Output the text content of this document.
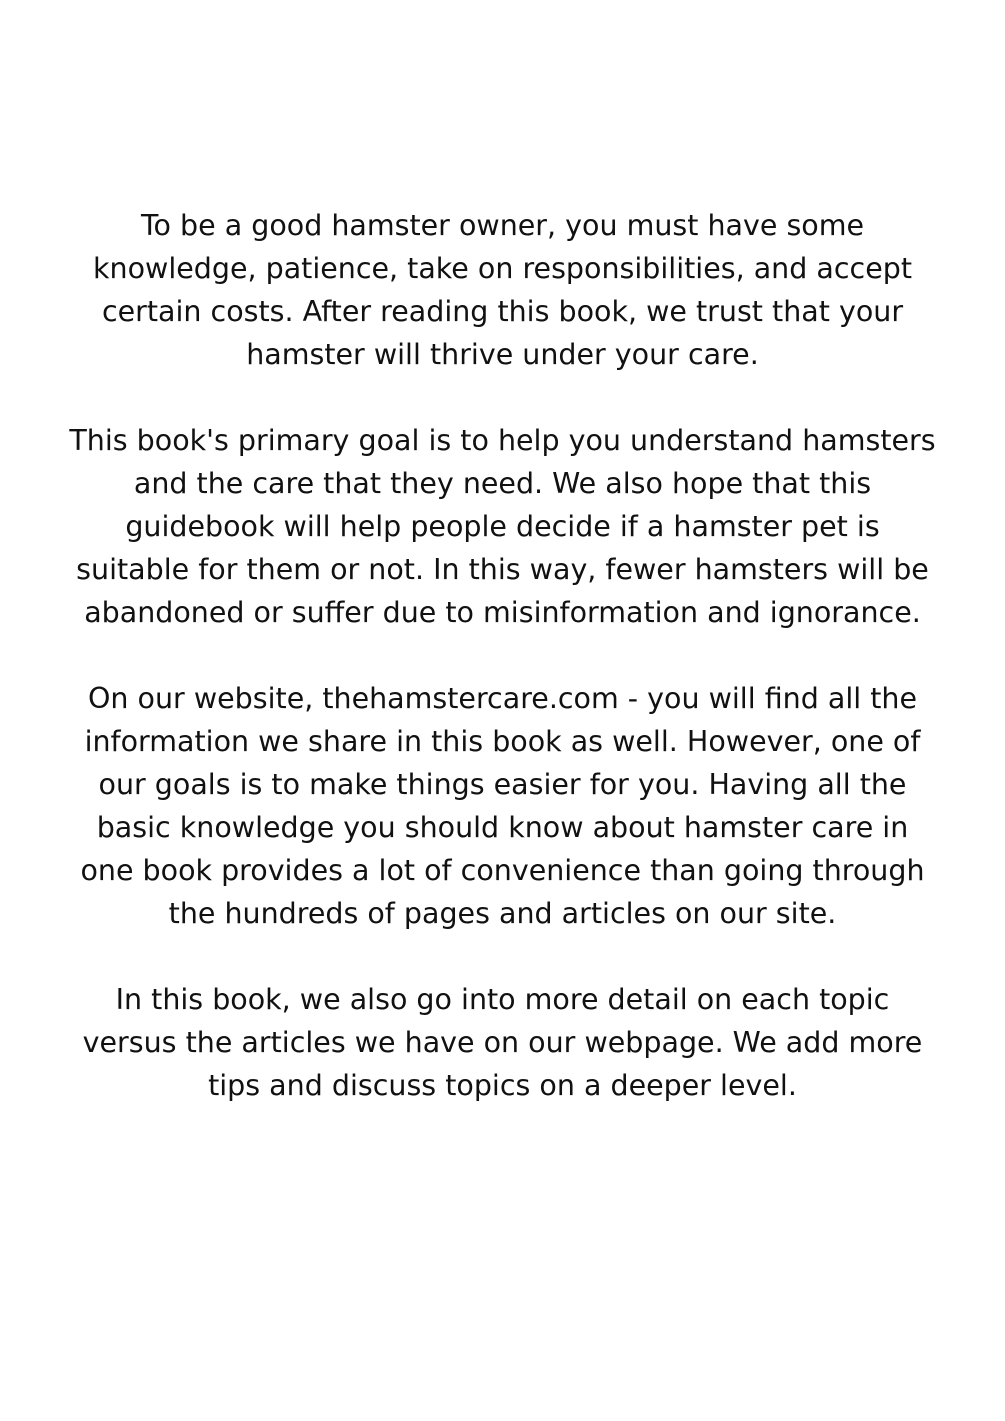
To be a good hamster owner, you must have some
knowledge, patience, take on responsibilities, and accept
certain costs. After reading this book, we trust that your
hamster will thrive under your care.

This book's primary goal is to help you understand hamsters
and the care that they need. We also hope that this
guidebook will help people decide if a hamster pet is
suitable for them or not. In this way, fewer hamsters will be
abandoned or suffer due to misinformation and ignorance.

On our website, thehamstercare.com - you will find all the
information we share in this book as well. However, one of
our goals is to make things easier for you. Having all the
basic knowledge you should know about hamster care in
one book provides a lot of convenience than going through
the hundreds of pages and articles on our site.

In this book, we also go into more detail on each topic
versus the articles we have on our webpage. We add more
tips and discuss topics on a deeper level.
